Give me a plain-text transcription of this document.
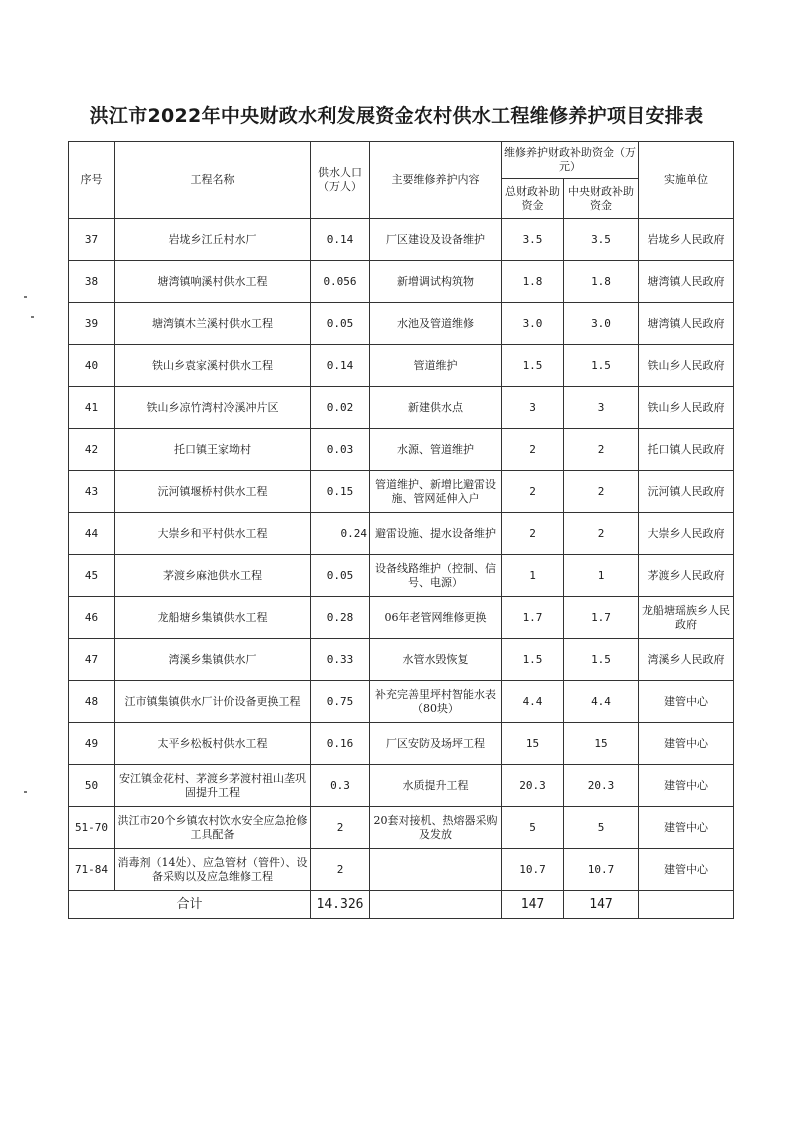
洪江市2022年中央财政水利发展资金农村供水工程维修养护项目安排表
序号	工程名称	供水人口（万人）	主要维修养护内容	维修养护财政补助资金（万元）		实施单位
				总财政补助资金	中央财政补助资金	
37	岩垅乡江丘村水厂	0.14	厂区建设及设备维护	3.5	3.5	岩垅乡人民政府
38	塘湾镇响溪村供水工程	0.056	新增调试构筑物	1.8	1.8	塘湾镇人民政府
39	塘湾镇木兰溪村供水工程	0.05	水池及管道维修	3.0	3.0	塘湾镇人民政府
40	铁山乡袁家溪村供水工程	0.14	管道维护	1.5	1.5	铁山乡人民政府
41	铁山乡凉竹湾村冷溪冲片区	0.02	新建供水点	3	3	铁山乡人民政府
42	托口镇王家坳村	0.03	水源、管道维护	2	2	托口镇人民政府
43	沅河镇堰桥村供水工程	0.15	管道维护、新增比避雷设施、管网延伸入户	2	2	沅河镇人民政府
44	大崇乡和平村供水工程	0.24	避雷设施、提水设备维护	2	2	大崇乡人民政府
45	茅渡乡麻池供水工程	0.05	设备线路维护（控制、信号、电源）	1	1	茅渡乡人民政府
46	龙船塘乡集镇供水工程	0.28	06年老管网维修更换	1.7	1.7	龙船塘瑶族乡人民政府
47	湾溪乡集镇供水厂	0.33	水管水毁恢复	1.5	1.5	湾溪乡人民政府
48	江市镇集镇供水厂计价设备更换工程	0.75	补充完善里坪村智能水表（80块）	4.4	4.4	建管中心
49	太平乡松板村供水工程	0.16	厂区安防及场坪工程	15	15	建管中心
50	安江镇金花村、茅渡乡茅渡村祖山垄巩固提升工程	0.3	水质提升工程	20.3	20.3	建管中心
51-70	洪江市20个乡镇农村饮水安全应急抢修工具配备	2	20套对接机、热熔器采购及发放	5	5	建管中心
71-84	消毒剂（14处）、应急管材（管件）、设备采购以及应急维修工程	2		10.7	10.7	建管中心
合计		14.326		147	147	
